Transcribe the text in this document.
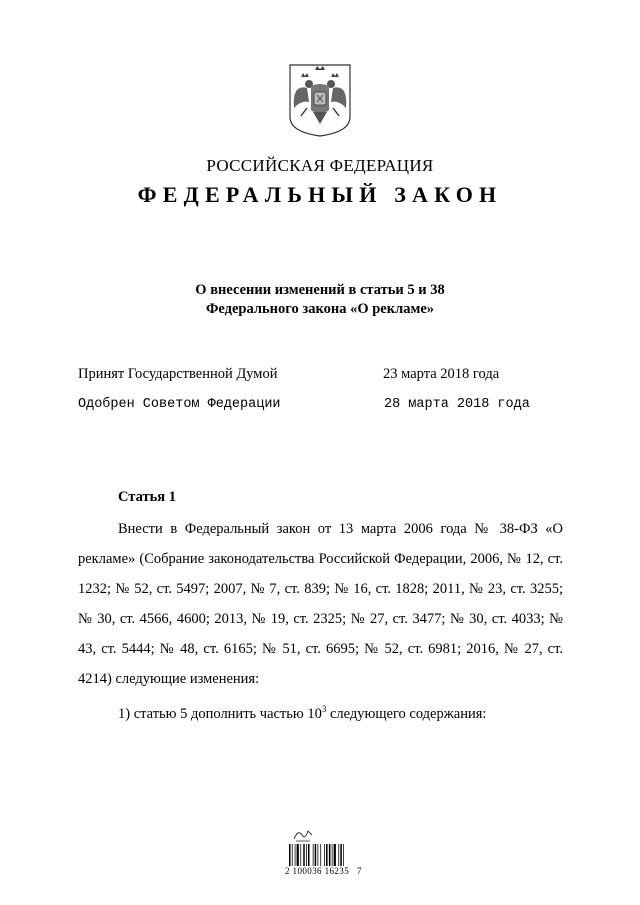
РОССИЙСКАЯ ФЕДЕРАЦИЯ
ФЕДЕРАЛЬНЫЙ ЗАКОН
О внесении изменений в статьи 5 и 38
Федерального закона «О рекламе»
Принят Государственной Думой	23 марта 2018 года
Одобрен Советом Федерации	28 марта 2018 года
Статья 1
Внести в Федеральный закон от 13 марта 2006 года № 38-ФЗ «О рекламе» (Собрание законодательства Российской Федерации, 2006, № 12, ст. 1232; № 52, ст. 5497; 2007, № 7, ст. 839; № 16, ст. 1828; 2011, № 23, ст. 3255; № 30, ст. 4566, 4600; 2013, № 19, ст. 2325; № 27, ст. 3477; № 30, ст. 4033; № 43, ст. 5444; № 48, ст. 6165; № 51, ст. 6695; № 52, ст. 6981; 2016, № 27, ст. 4214) следующие изменения:
1) статью 5 дополнить частью $10^3$ следующего содержания:
2 100036 16235   7
